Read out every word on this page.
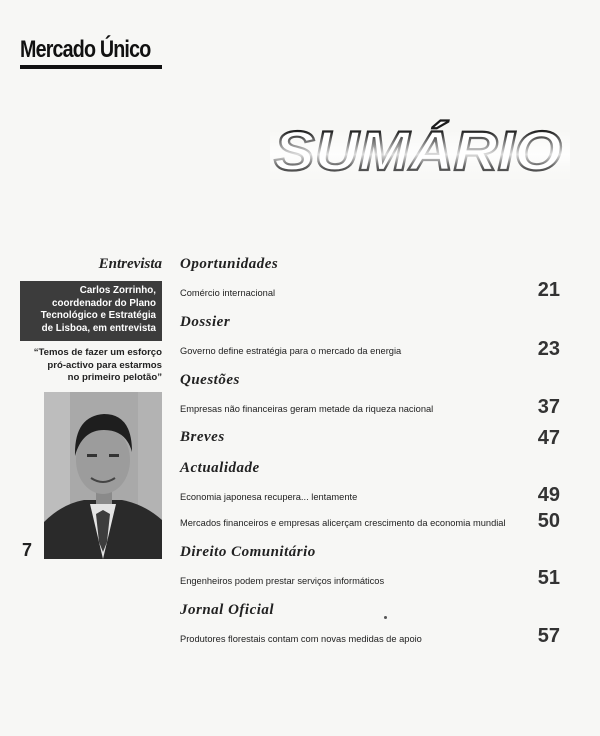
Mercado Único
Entrevista
Carlos Zorrinho,
coordenador do Plano
Tecnológico e Estratégia
de Lisboa, em entrevista
“Temos de fazer um esforço
pró-activo para estarmos
no primeiro pelotão”
7
Oportunidades
Comércio internacional	21
Dossier
Governo define estratégia para o mercado da energia	23
Questões
Empresas não financeiras geram metade da riqueza nacional	37
Breves	47
Actualidade
Economia japonesa recupera... lentamente	49
Mercados financeiros e empresas alicerçam crescimento da economia mundial 50
Direito Comunitário
Engenheiros podem prestar serviços informáticos	51
Jornal Oficial
Produtores florestais contam com novas medidas de apoio	57
